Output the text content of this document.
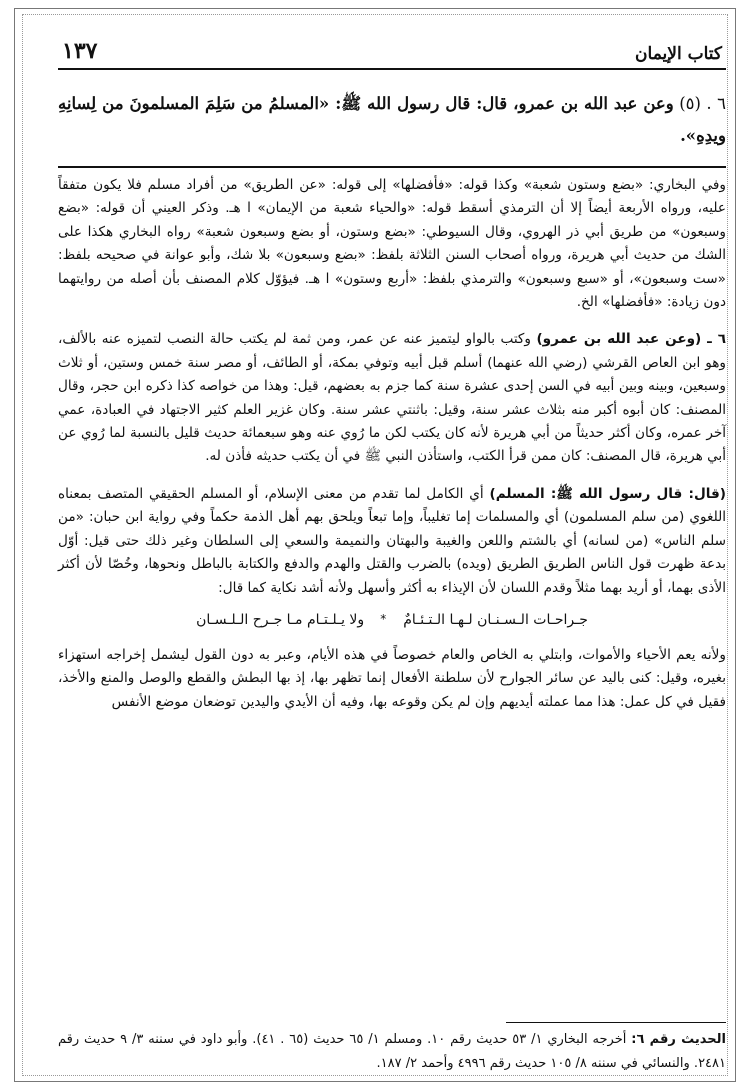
كتاب الإيمان
١٣٧
٦ . (٥) وعن عبد الله بن عمرو، قال: قال رسول الله ﷺ: «المسلمُ من سَلِمَ المسلمونَ من لِسانِهِ ويدِهِ».

وفي البخاري: «بضع وستون شعبة» وكذا قوله: «فأفضلها» إلى قوله: «عن الطريق» من أفراد مسلم فلا يكون متفقاً عليه، ورواه الأربعة أيضاً إلا أن الترمذي أسقط قوله: «والحياء شعبة من الإيمان» ا هـ. وذكر العيني أن قوله: «بضع وسبعون» من طريق أبي ذر الهروي، وقال السيوطي: «بضع وستون، أو بضع وسبعون شعبة» رواه البخاري هكذا على الشك من حديث أبي هريرة، ورواه أصحاب السنن الثلاثة بلفظ: «بضع وسبعون» بلا شك، وأبو عوانة في صحيحه بلفظ: «ست وسبعون»، أو «سبع وسبعون» والترمذي بلفظ: «أربع وستون» ا هـ. فيؤوّل كلام المصنف بأن أصله من روايتهما دون زيادة: «فأفضلها» الخ.

٦ ـ (وعن عبد الله بن عمرو) وكتب بالواو ليتميز عنه عن عمر، ومن ثمة لم يكتب حالة النصب لتميزه عنه بالألف، وهو ابن العاص القرشي (رضي الله عنهما) أسلم قبل أبيه وتوفي بمكة، أو الطائف، أو مصر سنة خمس وستين، أو ثلاث وسبعين، وبينه وبين أبيه في السن إحدى عشرة سنة كما جزم به بعضهم، قيل: وهذا من خواصه كذا ذكره ابن حجر، وقال المصنف: كان أبوه أكبر منه بثلاث عشر سنة، وقيل: باثنتي عشر سنة. وكان غزير العلم كثير الاجتهاد في العبادة، عمي آخر عمره، وكان أكثر حديثاً من أبي هريرة لأنه كان يكتب لكن ما رُوي عنه وهو سبعمائة حديث قليل بالنسبة لما رُوي عن أبي هريرة، قال المصنف: كان ممن قرأ الكتب، واستأذن النبي ﷺ في أن يكتب حديثه فأذن له.

(قال: قال رسول الله ﷺ: المسلم) أي الكامل لما تقدم من معنى الإسلام، أو المسلم الحقيقي المتصف بمعناه اللغوي (من سلم المسلمون) أي والمسلمات إما تغليباً، وإما تبعاً ويلحق بهم أهل الذمة حكماً وفي رواية ابن حبان: «من سلم الناس» (من لسانه) أي بالشتم واللعن والغيبة والبهتان والنميمة والسعي إلى السلطان وغير ذلك حتى قيل: أوّل بدعة ظهرت قول الناس الطريق الطريق (ويده) بالضرب والقتل والهدم والدفع والكتابة بالباطل ونحوها، وخُصّا لأن أكثر الأذى بهما، أو أريد بهما مثلاً وقدم اللسان لأن الإيذاء به أكثر وأسهل ولأنه أشد نكاية كما قال:

جـراحـات الـسـنـان لـهـا الـتـئـامٌ
*
ولا يـلـتـام مـا جـرح الـلـسـان

ولأنه يعم الأحياء والأموات، وابتلي به الخاص والعام خصوصاً في هذه الأيام، وعبر به دون القول ليشمل إخراجه استهزاء بغيره، وقيل: كنى باليد عن سائر الجوارح لأن سلطنة الأفعال إنما تظهر بها، إذ بها البطش والقطع والوصل والمنع والأخذ، فقيل في كل عمل: هذا مما عملته أيديهم وإن لم يكن وقوعه بها، وفيه أن الأيدي واليدين توضعان موضع الأنفس

الحديث رقم ٦: أخرجه البخاري ١/ ٥٣ حديث رقم ١٠. ومسلم ١/ ٦٥ حديث (٦٥ . ٤١). وأبو داود في سننه ٣/ ٩ حديث رقم ٢٤٨١. والنسائي في سننه ٨/ ١٠٥ حديث رقم ٤٩٩٦ وأحمد ٢/ ١٨٧.
